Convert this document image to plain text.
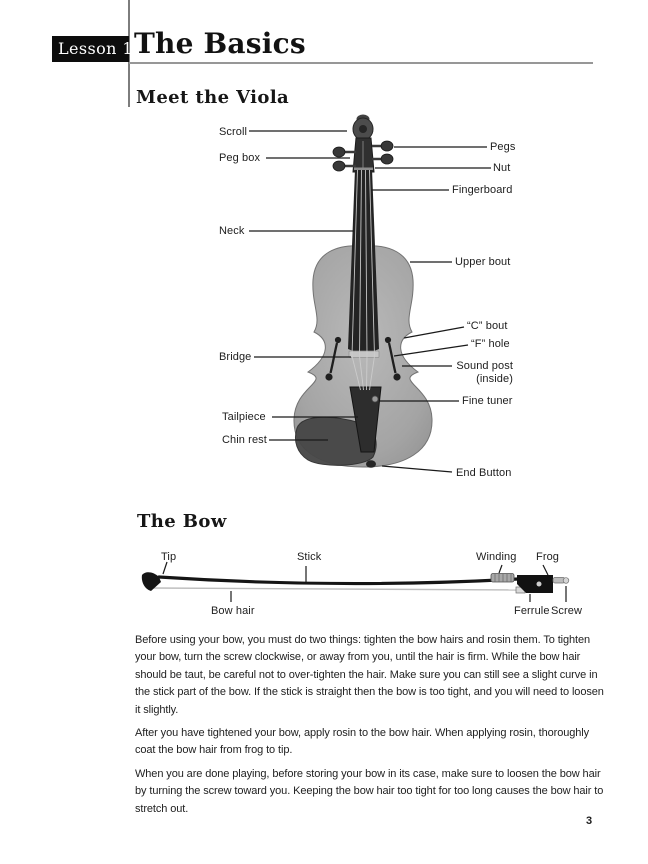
Lesson 1 The Basics
Meet the Viola
The Bow
Scroll
Peg box
Neck
Bridge
Tailpiece
Chin rest
Pegs
Nut
Fingerboard
Upper bout
“C” bout
“F” hole
Sound post
(inside)
Fine tuner
End Button
Tip	Stick	Winding Frog
Bow hair	Ferrule Screw

Before using your bow, you must do two things: tighten the bow hairs and rosin them. To tighten your bow, turn the screw clockwise, or away from you, until the hair is firm. While the bow hair should be taut, be careful not to over-tighten the hair. Make sure you can still see a slight curve in the stick part of the bow. If the stick is straight then the bow is too tight, and you will need to loosen it slightly.

After you have tightened your bow, apply rosin to the bow hair. When applying rosin, thoroughly coat the bow hair from frog to tip.

When you are done playing, before storing your bow in its case, make sure to loosen the bow hair by turning the screw toward you. Keeping the bow hair too tight for too long causes the bow hair to stretch out.

3
